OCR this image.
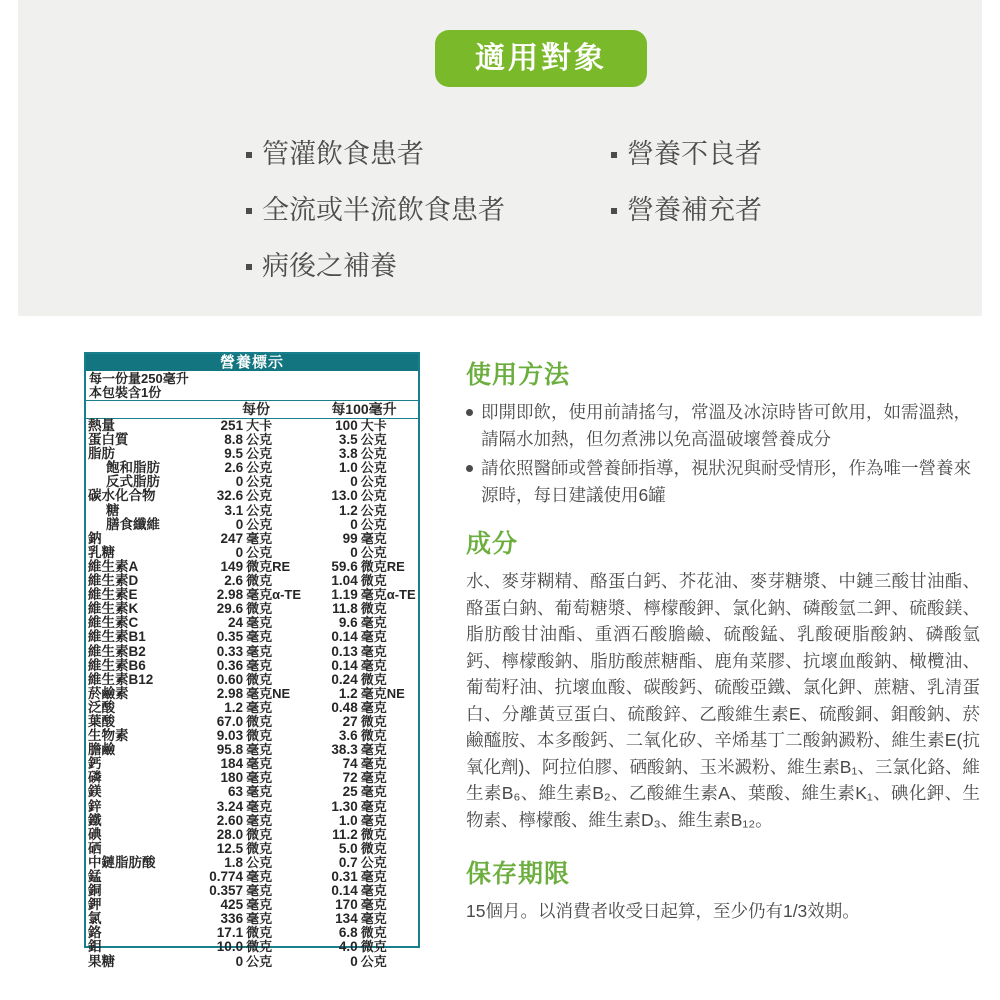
適用對象
管灌飲食患者
全流或半流飲食患者
病後之補養
營養不良者
營養補充者
營養標示
每一份量250毫升
本包裝含1份
每份	每100毫升
熱量	251 大卡	100 大卡
蛋白質	8.8 公克	3.5 公克
脂肪	9.5 公克	3.8 公克
飽和脂肪	2.6 公克	1.0 公克
反式脂肪	0 公克	0 公克
碳水化合物	32.6 公克	13.0 公克
糖	3.1 公克	1.2 公克
膳食纖維	0 公克	0 公克
鈉	247 毫克	99 毫克
乳糖	0 公克	0 公克
維生素A	149 微克RE	59.6 微克RE
維生素D	2.6 微克	1.04 微克
維生素E	2.98 毫克α-TE	1.19 毫克α-TE
維生素K	29.6 微克	11.8 微克
維生素C	24 毫克	9.6 毫克
維生素B1	0.35 毫克	0.14 毫克
維生素B2	0.33 毫克	0.13 毫克
維生素B6	0.36 毫克	0.14 毫克
維生素B12	0.60 微克	0.24 微克
菸鹼素	2.98 毫克NE	1.2 毫克NE
泛酸	1.2 毫克	0.48 毫克
葉酸	67.0 微克	27 微克
生物素	9.03 微克	3.6 微克
膽鹼	95.8 毫克	38.3 毫克
鈣	184 毫克	74 毫克
磷	180 毫克	72 毫克
鎂	63 毫克	25 毫克
鋅	3.24 毫克	1.30 毫克
鐵	2.60 毫克	1.0 毫克
碘	28.0 微克	11.2 微克
硒	12.5 微克	5.0 微克
中鏈脂肪酸	1.8 公克	0.7 公克
錳	0.774 毫克	0.31 毫克
銅	0.357 毫克	0.14 毫克
鉀	425 毫克	170 毫克
氯	336 毫克	134 毫克
鉻	17.1 微克	6.8 微克
鉬	10.0 微克	4.0 微克
果糖	0 公克	0 公克
使用方法
即開即飲，使用前請搖勻，常溫及冰涼時皆可飲用，如需溫熱，請隔水加熱，但勿煮沸以免高溫破壞營養成分
請依照醫師或營養師指導，視狀況與耐受情形，作為唯一營養來源時，每日建議使用6罐
成分
水、麥芽糊精、酪蛋白鈣、芥花油、麥芽糖漿、中鏈三酸甘油酯、酪蛋白鈉、葡萄糖漿、檸檬酸鉀、氯化鈉、磷酸氫二鉀、硫酸鎂、脂肪酸甘油酯、重酒石酸膽鹼、硫酸錳、乳酸硬脂酸鈉、磷酸氫鈣、檸檬酸鈉、脂肪酸蔗糖酯、鹿角菜膠、抗壞血酸鈉、橄欖油、葡萄籽油、抗壞血酸、碳酸鈣、硫酸亞鐵、氯化鉀、蔗糖、乳清蛋白、分離黃豆蛋白、硫酸鋅、乙酸維生素E、硫酸銅、鉬酸鈉、菸鹼醯胺、本多酸鈣、二氧化矽、辛烯基丁二酸鈉澱粉、維生素E(抗氧化劑)、阿拉伯膠、硒酸鈉、玉米澱粉、維生素B₁、三氯化鉻、維生素B₆、維生素B₂、乙酸維生素A、葉酸、維生素K₁、碘化鉀、生物素、檸檬酸、維生素D₃、維生素B₁₂。
保存期限
15個月。以消費者收受日起算，至少仍有1/3效期。
